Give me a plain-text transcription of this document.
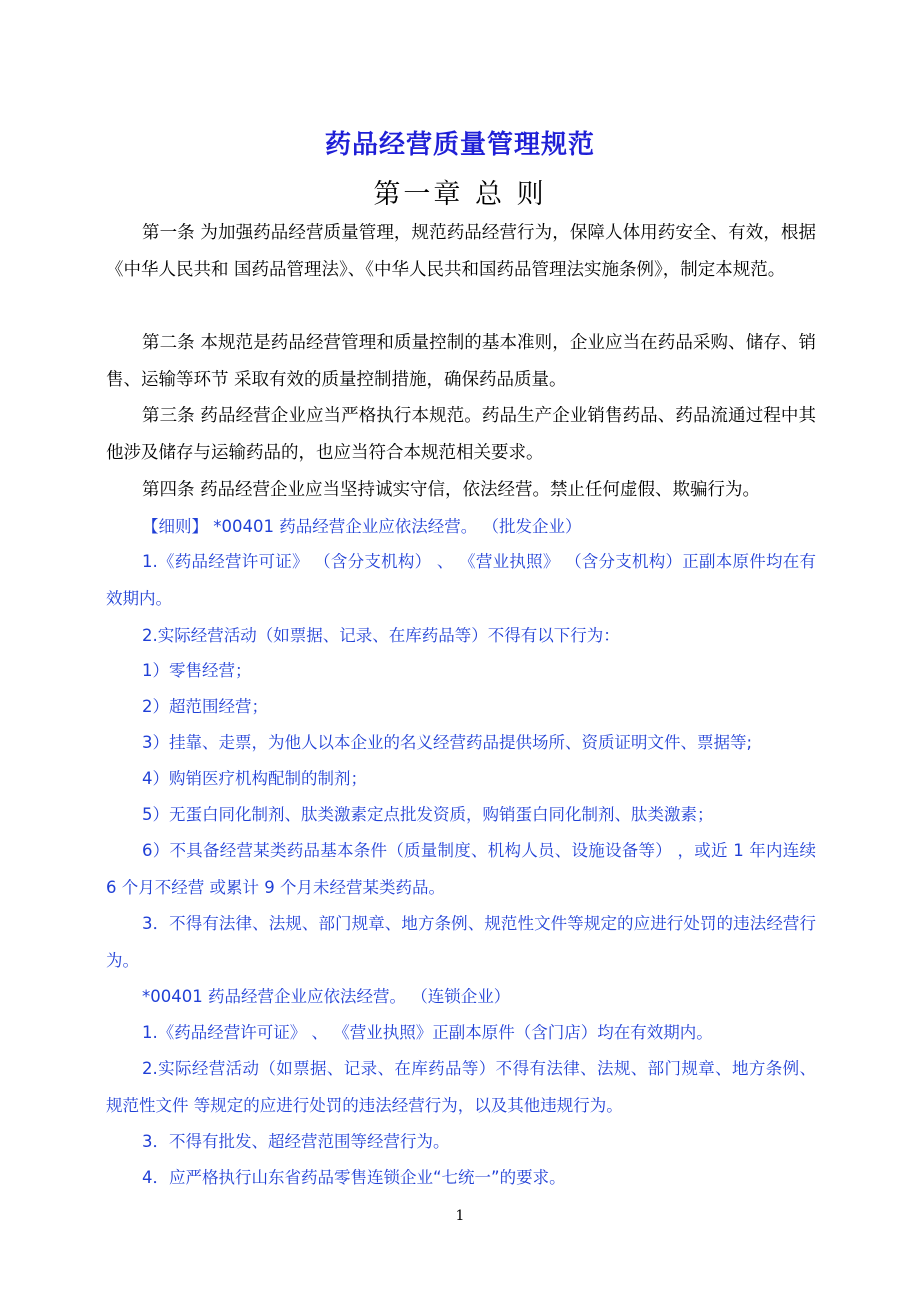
药品经营质量管理规范
第一章 总 则

第一条 为加强药品经营质量管理，规范药品经营行为，保障人体用药安全、有效，根据《中华人民共和 国药品管理法》、《中华人民共和国药品管理法实施条例》，制定本规范。

第二条 本规范是药品经营管理和质量控制的基本准则，企业应当在药品采购、储存、销售、运输等环节 采取有效的质量控制措施，确保药品质量。

第三条 药品经营企业应当严格执行本规范。药品生产企业销售药品、药品流通过程中其他涉及储存与运输药品的，也应当符合本规范相关要求。

第四条 药品经营企业应当坚持诚实守信，依法经营。禁止任何虚假、欺骗行为。

【细则】 *00401 药品经营企业应依法经营。 （批发企业）

1.《药品经营许可证》 （含分支机构） 、 《营业执照》 （含分支机构）正副本原件均在有效期内。

2.实际经营活动（如票据、记录、在库药品等）不得有以下行为：

1）零售经营；

2）超范围经营；

3）挂靠、走票，为他人以本企业的名义经营药品提供场所、资质证明文件、票据等;

4）购销医疗机构配制的制剂；

5）无蛋白同化制剂、肽类激素定点批发资质，购销蛋白同化制剂、肽类激素；

6）不具备经营某类药品基本条件（质量制度、机构人员、设施设备等） ，或近 1 年内连续 6 个月不经营 或累计 9 个月未经营某类药品。

3．不得有法律、法规、部门规章、地方条例、规范性文件等规定的应进行处罚的违法经营行为。

*00401 药品经营企业应依法经营。 （连锁企业）

1.《药品经营许可证》 、 《营业执照》正副本原件（含门店）均在有效期内。

2.实际经营活动（如票据、记录、在库药品等）不得有法律、法规、部门规章、地方条例、规范性文件 等规定的应进行处罚的违法经营行为，以及其他违规行为。

3．不得有批发、超经营范围等经营行为。

4．应严格执行山东省药品零售连锁企业“七统一”的要求。

1
